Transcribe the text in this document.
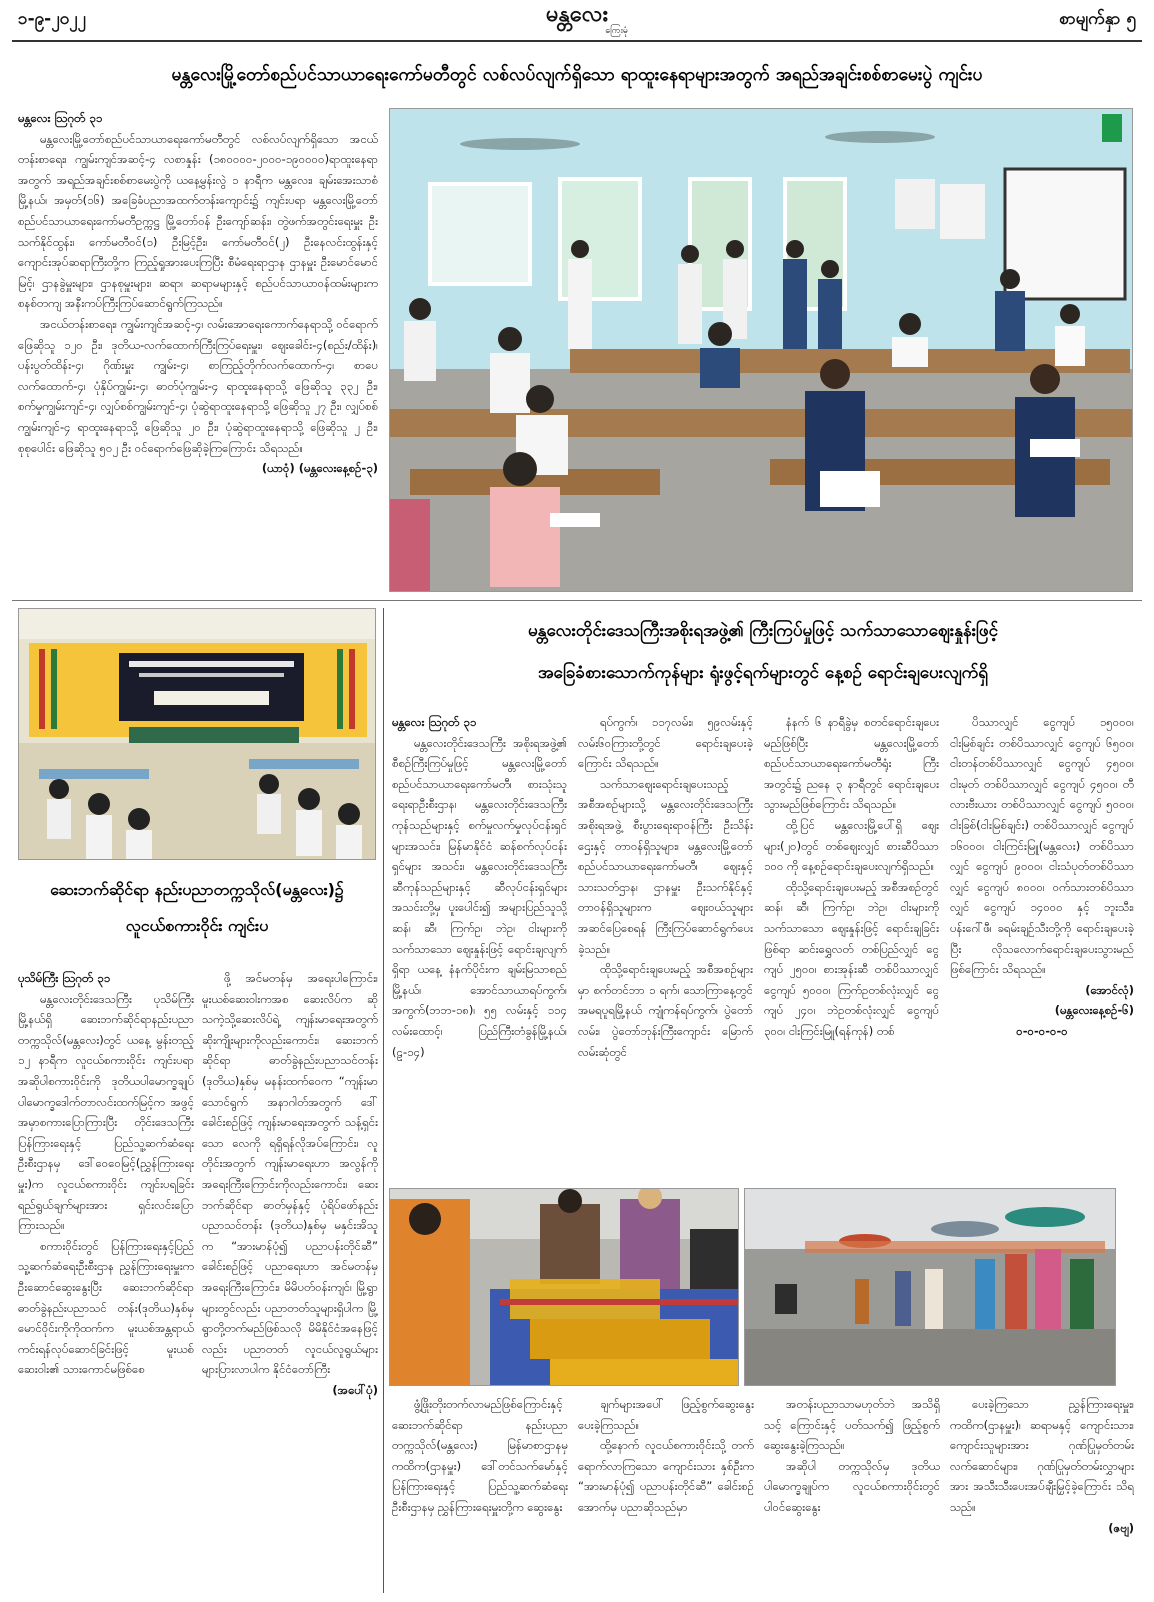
၁-၉-၂၀၂၂	မန္တလေး
ကြေးမုံ
စာမျက်နှာ ၅
မန္တလေးမြို့တော်စည်ပင်သာယာရေးကော်မတီတွင် လစ်လပ်လျက်ရှိသော ရာထူးနေရာများအတွက် အရည်အချင်းစစ်စာမေးပွဲ ကျင်းပ

မန္တလေး ဩဂုတ် ၃၁

မန္တလေးမြို့တော်စည်ပင်သာယာရေးကော်မတီတွင် လစ်လပ်လျက်ရှိသော အငယ်တန်းစာရေး၊ ကျွမ်းကျင်အဆင့်-၄ လစာနှုန်း (၁၈၀၀၀၀-၂၀၀၀-၁၉၀၀၀၀)ရာထူးနေရာအတွက် အရည်အချင်းစစ်စာမေးပွဲကို ယနေ့မွန်းလွဲ ၁ နာရီက မန္တလေး၊ ချမ်းအေးသာစံမြို့နယ်၊ အမှတ်(၁၆) အခြေခံပညာအထက်တန်းကျောင်း၌ ကျင်းပရာ မန္တလေးမြို့တော်စည်ပင်သာယာရေးကော်မတီဥက္ကဋ္ဌ မြို့တော်ဝန် ဦးကျော်ဆန်း၊ တွဲဖက်အတွင်းရေးမှူး ဦးသက်နိုင်ထွန်း၊ ကော်မတီဝင်(၁) ဦးမြင့်ဦး၊ ကော်မတီဝင်(၂) ဦးနေလင်းထွန်းနှင့် ကျောင်းအုပ်ဆရာကြီးတို့က ကြည့်ရှုအားပေးကြပြီး စီမံရေးရာဌာန ဌာနမှူး ဦးမောင်မောင်မြင့်၊ ဌာနခွဲမှူးများ၊ ဌာနစုမှူးများ၊ ဆရာ၊ ဆရာမများနှင့် စည်ပင်သာယာဝန်ထမ်းများက စနစ်တကျ အနီးကပ်ကြီးကြပ်ဆောင်ရွက်ကြသည်။

အငယ်တန်းစာရေး၊ ကျွမ်းကျင်အဆင့်-၄၊ လမ်းအောရေးကောက်နေရာသို့ ဝင်ရောက်ဖြေဆိုသူ ၁၂၀ ဦး၊ ဒုတိယ-လက်ထောက်ကြီးကြပ်ရေးမှူး၊ ဈေးခေါင်း-၄(စည်း/ထိန်း)၊ ပန်းပွတ်ထိန်း-၄၊ ဂိုဏ်းမှူး ကျွမ်း-၄၊ စာကြည့်တိုက်လက်ထောက်-၄၊ စာပေလက်ထောက်-၄၊ ပုံနှိပ်ကျွမ်း-၄၊ ဓာတ်ပုံကျွမ်း-၄ ရာထူးနေရာသို့ ဖြေဆိုသူ ၃၃၂ ဦး၊ စက်မှုကျွမ်းကျင်-၄၊ လျှပ်စစ်ကျွမ်းကျင်-၄၊ ပုံဆွဲရာထူးနေရာသို့ ဖြေဆိုသူ ၂၇ ဦး၊ လျှပ်စစ်ကျွမ်းကျင်-၄ ရာထူးနေရာသို့ ဖြေဆိုသူ ၂၀ ဦး၊ ပုံဆွဲရာထူးနေရာသို့ ဖြေဆိုသူ ၂ ဦး၊ စုစုပေါင်း ဖြေဆိုသူ ၅၀၂ ဦး ဝင်ရောက်ဖြေဆိုခဲ့ကြကြောင်း သိရသည်။

(ယာဝုံ) (မန္တလေးနေ့စဉ်-၃)

ဆေးဘက်ဆိုင်ရာ နည်းပညာတက္ကသိုလ်(မန္တလေး)၌
လူငယ်စကားဝိုင်း ကျင်းပ

ပုသိမ်ကြီး ဩဂုတ် ၃၁

မန္တလေးတိုင်းဒေသကြီး ပုသိမ်ကြီးမြို့နယ်ရှိ ဆေးဘက်ဆိုင်ရာနည်းပညာ တက္ကသိုလ်(မန္တလေး)တွင် ယနေ့ မွန်းတည့် ၁၂ နာရီက လူငယ်စကားဝိုင်း ကျင်းပရာ အဆိုပါစကားဝိုင်းကို ဒုတိယပါမောက္ခချုပ် ပါမောက္ခဒေါက်တာလင်းထက်မြင့်က အဖွင့်အမှာစကားပြောကြားပြီး တိုင်းဒေသကြီး ပြန်ကြားရေးနှင့် ပြည်သူ့ဆက်ဆံရေးဦးစီးဌာနမှ ဒေါ်ဝေဝေမြင့်(ညွှန်ကြားရေးမှူး)က လူငယ်စကားဝိုင်း ကျင်းပရခြင်း ရည်ရွယ်ချက်များအား ရှင်းလင်းပြောကြားသည်။

စကားဝိုင်းတွင် ပြန်ကြားရေးနှင့်ပြည်သူ့ဆက်ဆံရေးဦးစီးဌာန ညွှန်ကြားရေးမှူးက ဦးဆောင်ဆွေးနွေးပြီး ဆေးဘက်ဆိုင်ရာ ဓာတ်ခွဲနည်းပညာသင် တန်း(ဒုတိယ)နှစ်မှ မောင်ဝိုင်းကိုကိုထက်က မူးယစ်အန္တရာယ် ကင်းရန်လုပ်ဆောင်ခြင်းဖြင့် မူးယစ်ဆေးဝါး၏ သားကောင်မဖြစ်စေ

ဖို့ အင်မတန်မှ အရေးပါကြောင်း၊ မူးယစ်ဆေးဝါးကအစ ဆေးလိပ်က ဆိုသကဲ့သို့ဆေးလိပ်ရဲ့ ကျန်းမာရေးအတွက် ဆိုးကျိုးများကိုလည်းကောင်း၊ ဆေးဘက်ဆိုင်ရာ ဓာတ်ခွဲနည်းပညာသင်တန်း (ဒုတိယ)နှစ်မှ မနန်းထက်ဝေက “ကျန်းမာသောင်ရွက် အနာဂါတ်အတွက် ဒေါ်ခေါင်းစဉ်ဖြင့် ကျန်းမာရေးအတွက် သန့်ရှင်းသော လေကို ရရှိရန်လိုအပ်ကြောင်း၊ လူတိုင်းအတွက် ကျန်းမာရေးဟာ အလွန်ကို အရေးကြီးကြောင်းကိုလည်းကောင်း၊ ဆေးဘက်ဆိုင်ရာ ဓာတ်မှန်နှင့် ပုံရိပ်ဖော်နည်းပညာသင်တန်း (ဒုတိယ)နှစ်မှ မနှင်းအိသူက “အားမာန်ပုံ၍ ပညာပန်းတိုင်ဆီ” ခေါင်းစဉ်ဖြင့် ပညာရေးဟာ အင်မတန်မှ အရေးကြီးကြောင်း၊ မိမိပတ်ဝန်းကျင်၊ မြို့ရွာများတွင်လည်း ပညာတတ်သူများရှိပါက မြို့ရွာတို့တက်မည်ဖြစ်သလို မိမိနိုင်ငံအနေဖြင့်လည်း ပညာတတ် လူငယ်လူရွယ်များ များပြားလာပါက နိုင်ငံတော်ကြီး

(အပေါ်ပုံ)

မန္တလေးတိုင်းဒေသကြီးအစိုးရအဖွဲ့၏ ကြီးကြပ်မှုဖြင့် သက်သာသောဈေးနှုန်းဖြင့်
အခြေခံစားသောက်ကုန်များ ရုံးဖွင့်ရက်များတွင် နေ့စဉ် ရောင်းချပေးလျက်ရှိ

မန္တလေး ဩဂုတ် ၃၁

မန္တလေးတိုင်းဒေသကြီး အစိုးရအဖွဲ့၏ စီစဉ်ကြီးကြပ်မှုဖြင့် မန္တလေးမြို့တော်စည်ပင်သာယာရေးကော်မတီ၊ စားသုံးသူရေးရာဦးစီးဌာန၊ မန္တလေးတိုင်းဒေသကြီး ကုန်သည်များနှင့် စက်မှုလက်မှုလုပ်ငန်းရှင်များအသင်း၊ မြန်မာနိုင်ငံ ဆန်စက်လုပ်ငန်းရှင်များ အသင်း၊ မန္တလေးတိုင်းဒေသကြီး ဆီကုန်သည်များနှင့် ဆီလုပ်ငန်းရှင်များအသင်းတို့မှ ပူးပေါင်း၍ အများပြည်သူသို့ ဆန်၊ ဆီ၊ ကြက်ဥ၊ ဘဲဥ၊ ငါးများကို သက်သာသော ဈေးနှုန်းဖြင့် ရောင်းချလျက်ရှိရာ ယနေ့ နံနက်ပိုင်းက ချမ်းမြသာစည်မြို့နယ်၊ အောင်သာယာရပ်ကွက်၊ အကွက်(ဘဘ-၁၈)၊ ၅၅ လမ်းနှင့် ၁၁၄ လမ်းထောင့်၊ ပြည်ကြီးတံခွန်မြို့နယ်၊ (ဠ-၁၄)

ရပ်ကွက်၊ ၁၁၇လမ်း၊ ၅၉လမ်းနှင့် လမ်း၆၀ကြားတို့တွင် ရောင်းချပေးခဲ့ကြောင်း သိရသည်။

သက်သာဈေးရောင်းချပေးသည့် အစီအစဉ်များသို့ မန္တလေးတိုင်းဒေသကြီးအစိုးရအဖွဲ့ စီးပွားရေးရာဝန်ကြီး ဦးသိန်းဌေးနှင့် တာဝန်ရှိသူများ၊ မန္တလေးမြို့တော်စည်ပင်သာယာရေးကော်မတီ၊ ဈေးနှင့် သားသတ်ဌာန၊ ဌာနမှူး ဦးသက်နိုင်နှင့် တာဝန်ရှိသူများက ဈေးဝယ်သူများ အဆင်ပြေစေရန် ကြီးကြပ်ဆောင်ရွက်ပေးခဲ့သည်။

ထိုသို့ရောင်းချပေးမည့် အစီအစဉ်များမှာ စက်တင်ဘာ ၁ ရက်၊ သောကြာနေ့တွင် အမရပူရမြို့နယ် ကျုံကန်ရပ်ကွက်၊ ပွဲတော်လမ်း၊ ပွဲတော်ဘုန်းကြီးကျောင်း မြောက်လမ်းဆုံတွင်

နံနက် ၆ နာရီခွဲမှ စတင်ရောင်းချပေးမည်ဖြစ်ပြီး မန္တလေးမြို့တော်စည်ပင်သာယာရေးကော်မတီရုံး ကြီးအတွင်း၌ ညနေ ၃ နာရီတွင် ရောင်းချပေးသွားမည်ဖြစ်ကြောင်း သိရသည်။

ထို့ပြင် မန္တလေးမြို့ပေါ်ရှိ ဈေးများ(၂၀)တွင် တစ်ဈေးလျှင် စားဆီပိဿာ ၁၀၀ ကို နေ့စဉ်ရောင်းချပေးလျက်ရှိသည်။

ထိုသို့ရောင်းချပေးမည့် အစီအစဉ်တွင် ဆန်၊ ဆီ၊ ကြက်ဥ၊ ဘဲဥ၊ ငါးများကို သက်သာသော ဈေးနှုန်းဖြင့် ရောင်းချခြင်းဖြစ်ရာ ဆင်းရွှေလတ် တစ်ပြည်လျှင် ငွေကျပ် ၂၅၀၀၊ စားအုန်းဆီ တစ်ပိဿာလျှင် ငွေကျပ် ၅၀၀၀၊ ကြက်ဥတစ်လုံးလျှင် ငွေကျပ် ၂၄၀၊ ဘဲဥတစ်လုံးလျှင် ငွေကျပ် ၃၀၀၊ ငါးကြင်းမြူ(ရန်ကုန်) တစ်

ပိဿာလျှင် ငွေကျပ် ၁၅၀၀၀၊ ငါးမြစ်ချင်း တစ်ပိဿာလျှင် ငွေကျပ် ၆၅၀၀၊ ငါးတန်တစ်ပိဿာလျှင် ငွေကျပ် ၄၅၀၀၊ ငါးမုတ် တစ်ပိဿာလျှင် ငွေကျပ် ၄၅၀၀၊ တီလားဗီးယား တစ်ပိဿာလျှင် ငွေကျပ် ၅၀၀၀၊ ငါးခြစ်(ငါးမြစ်ချင်း) တစ်ပိဿာလျှင် ငွေကျပ် ၁၆၀၀၀၊ ငါးကြင်းမြူ(မန္တလေး) တစ်ပိဿာလျှင် ငွေကျပ် ၉၀၀၀၊ ငါးသံပုတ်တစ်ပိဿာလျှင် ငွေကျပ် ၈၀၀၀၊ ဝက်သားတစ်ပိဿာလျှင် ငွေကျပ် ၁၄၀၀၀ နှင့် ဘူးသီး၊ ပန်းဂေါ်ဖီ၊ ခရမ်းချဉ်သီးတို့ကို ရောင်းချပေးခဲ့ပြီး လိုသလောက်ရောင်းချပေးသွားမည်ဖြစ်ကြောင်း သိရသည်။

(အောင်လုံ)

(မန္တလေးနေ့စဉ်-၆)

၀-၀-၀-၀-၀

ဖွံ့ဖြိုးတိုးတက်လာမည်ဖြစ်ကြောင်းနှင့် ဆေးဘက်ဆိုင်ရာ နည်းပညာ တက္ကသိုလ်(မန္တလေး) မြန်မာစာဌာနမှ ကထိက(ဌာနမှူး) ဒေါ်တင်သက်မော်နှင့် ပြန်ကြားရေးနှင့် ပြည်သူ့ဆက်ဆံရေးဦးစီးဌာနမှ ညွှန်ကြားရေးမှူးတို့က ဆွေးနွေး

ချက်များအပေါ် ဖြည့်စွက်ဆွေးနွေးပေးခဲ့ကြသည်။

ထို့နောက် လူငယ်စကားဝိုင်းသို့ တက်ရောက်လာကြသော ကျောင်းသား နှစ်ဦးက “အားမာန်ပုံ၍ ပညာပန်းတိုင်ဆီ” ခေါင်းစဉ်အောက်မှ ပညာဆိုသည်မှာ

အတန်းပညာသာမဟုတ်ဘဲ အသိရှိသင့် ကြောင်းနှင့် ပတ်သက်၍ ဖြည့်စွက်ဆွေးနွေးခဲ့ကြသည်။

အဆိုပါ တက္ကသိုလ်မှ ဒုတိယပါမောက္ခချုပ်က လူငယ်စကားဝိုင်းတွင် ပါဝင်ဆွေးနွေး

ပေးခဲ့ကြသော ညွှန်ကြားရေးမှူး၊ ကထိက(ဌာနမှူး)၊ ဆရာမနှင့် ကျောင်းသား၊ ကျောင်းသူများအား ဂုဏ်ပြုမှတ်တမ်းလက်ဆောင်များ၊ ဂုဏ်ပြုမှတ်တမ်းလွှာများအား အသီးသီးပေးအပ်ချီးမြှင့်ခဲ့ကြောင်း သိရသည်။

(ဇဗျ)
